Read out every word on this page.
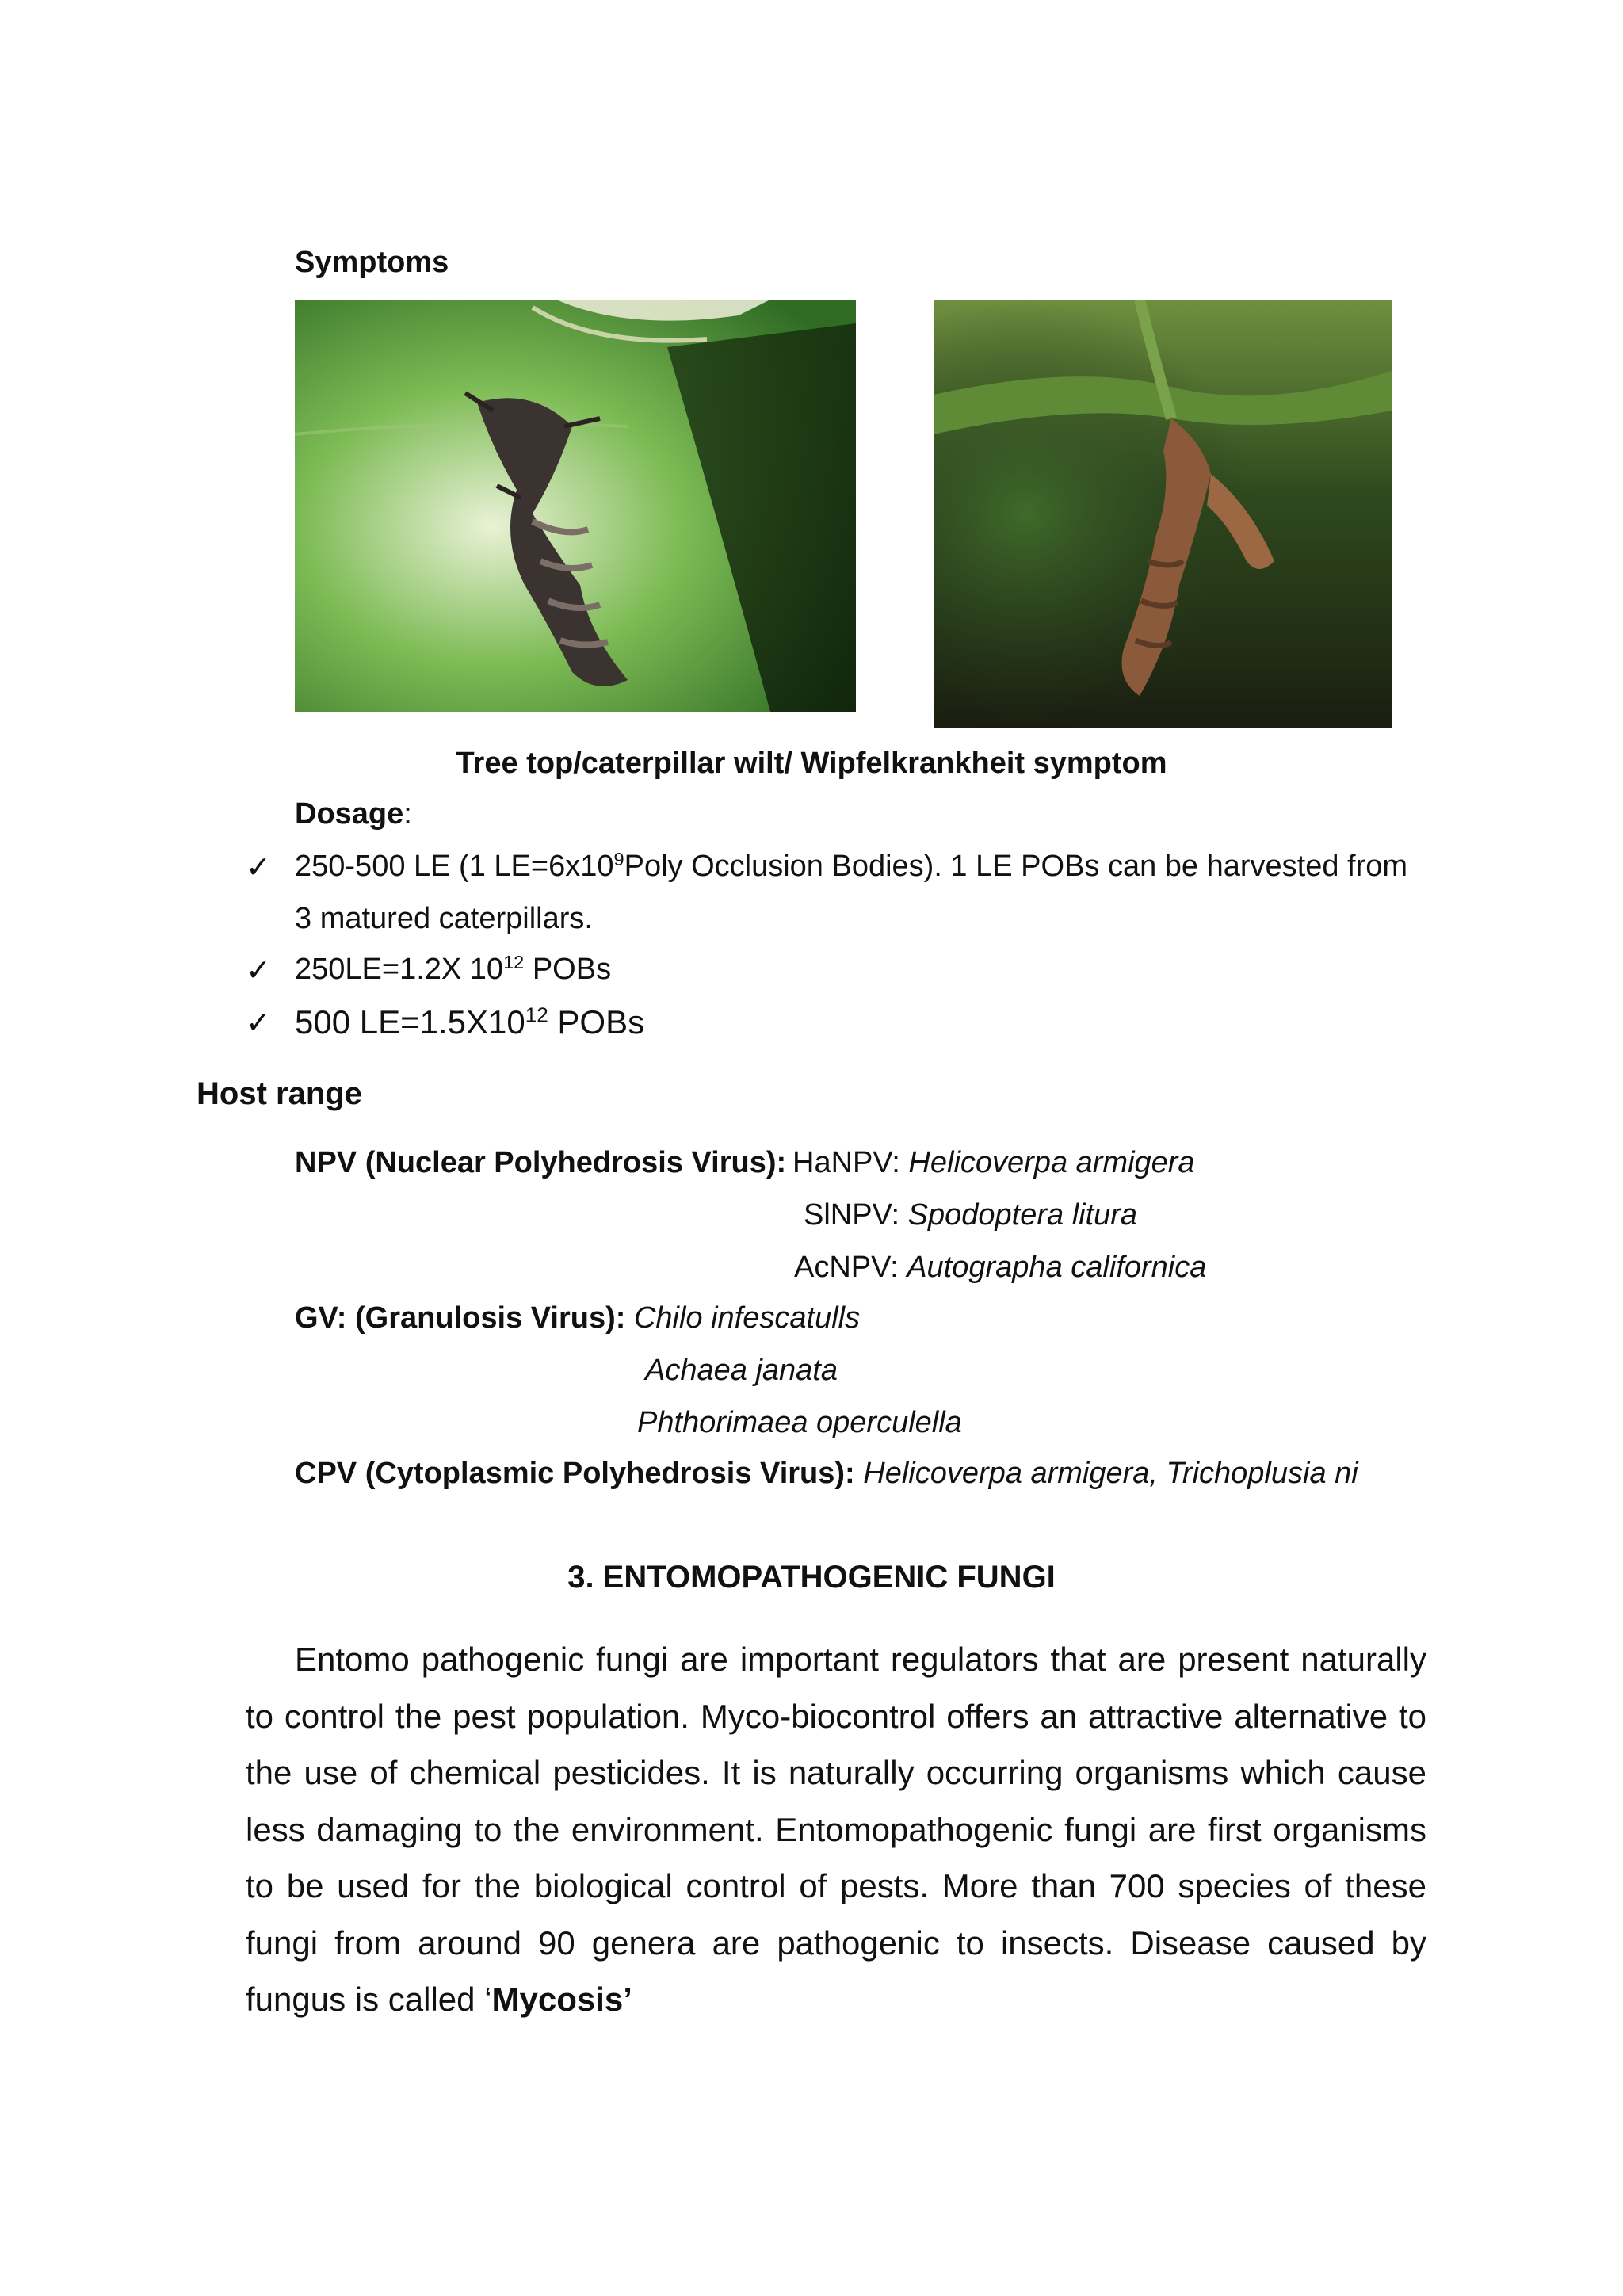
Symptoms
Tree top/caterpillar wilt/ Wipfelkrankheit symptom
Dosage:
✓ 250-500 LE (1 $LE=6x10^9Poly$ Occlusion Bodies). 1 LE POBs can be harvested from
3 matured caterpillars.
✓ 250LE=1.2X $10^{12}$ POBs
✓ 500 $LE=1.5X10^{12}$ POBs
Host range
NPV (Nuclear Polyhedrosis Virus): HaNPV: Helicoverpa armigera
SlNPV: Spodoptera litura
AcNPV: Autographa californica
GV: (Granulosis Virus): Chilo infescatulls
Achaea janata
Phthorimaea operculella
CPV (Cytoplasmic Polyhedrosis Virus): Helicoverpa armigera, Trichoplusia ni
3. ENTOMOPATHOGENIC FUNGI
Entomo pathogenic fungi are important regulators that are present naturally to control the pest population. Myco-biocontrol offers an attractive alternative to the use of chemical pesticides. It is naturally occurring organisms which cause less damaging to the environment. Entomopathogenic fungi are first organisms to be used for the biological control of pests. More than 700 species of these fungi from around 90 genera are pathogenic to insects. Disease caused by fungus is called ‘Mycosis’
